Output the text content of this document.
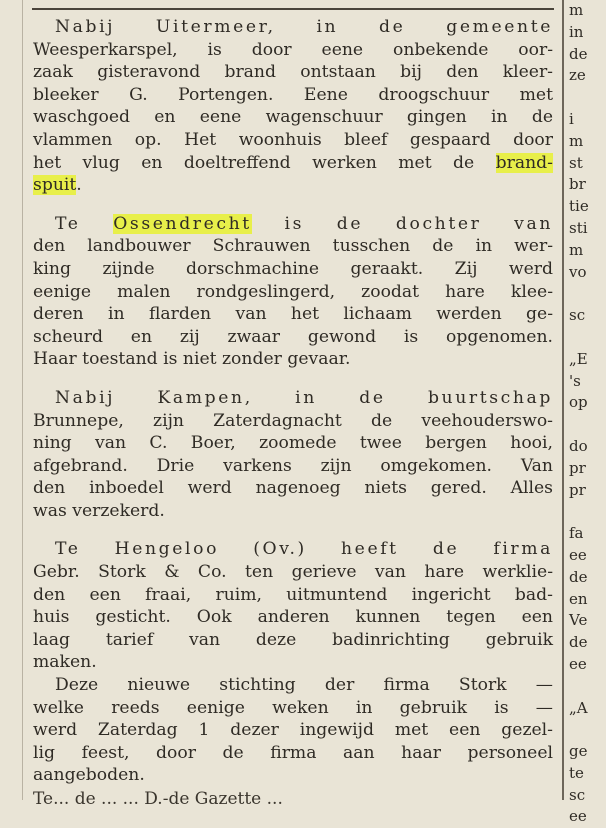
Nabij Uitermeer, in de gemeente
Weesperkarspel, is door eene onbekende oor-
zaak gisteravond brand ontstaan bij den kleer-
bleeker G. Portengen. Eene droogschuur met
waschgoed en eene wagenschuur gingen in de
vlammen op. Het woonhuis bleef gespaard door
het vlug en doeltreffend werken met de brand-
spuit.

Te Ossendrecht is de dochter van
den landbouwer Schrauwen tusschen de in wer-
king zijnde dorschmachine geraakt. Zij werd
eenige malen rondgeslingerd, zoodat hare klee-
deren in flarden van het lichaam werden ge-
scheurd en zij zwaar gewond is opgenomen.
Haar toestand is niet zonder gevaar.

Nabij Kampen, in de buurtschap
Brunnepe, zijn Zaterdagnacht de veehouderswo-
ning van C. Boer, zoomede twee bergen hooi,
afgebrand. Drie varkens zijn omgekomen. Van
den inboedel werd nagenoeg niets gered. Alles
was verzekerd.

Te Hengeloo (Ov.) heeft de firma
Gebr. Stork & Co. ten gerieve van hare werklie-
den een fraai, ruim, uitmuntend ingericht bad-
huis gesticht. Ook anderen kunnen tegen een
laag tarief van deze badinrichting gebruik
maken.
Deze nieuwe stichting der firma Stork —
welke reeds eenige weken in gebruik is —
werd Zaterdag 1 dezer ingewijd met een gezel-
lig feest, door de firma aan haar personeel
aangeboden.

Te... de ... ... D.-de Gazette ...
m
in
de
ze
i
m
st
br
tie
sti
m
vo
sc
„E
's
op
do
pr
pr
fa
ee
de
en
Ve
de
ee
„A
ge
te
sc
ee
